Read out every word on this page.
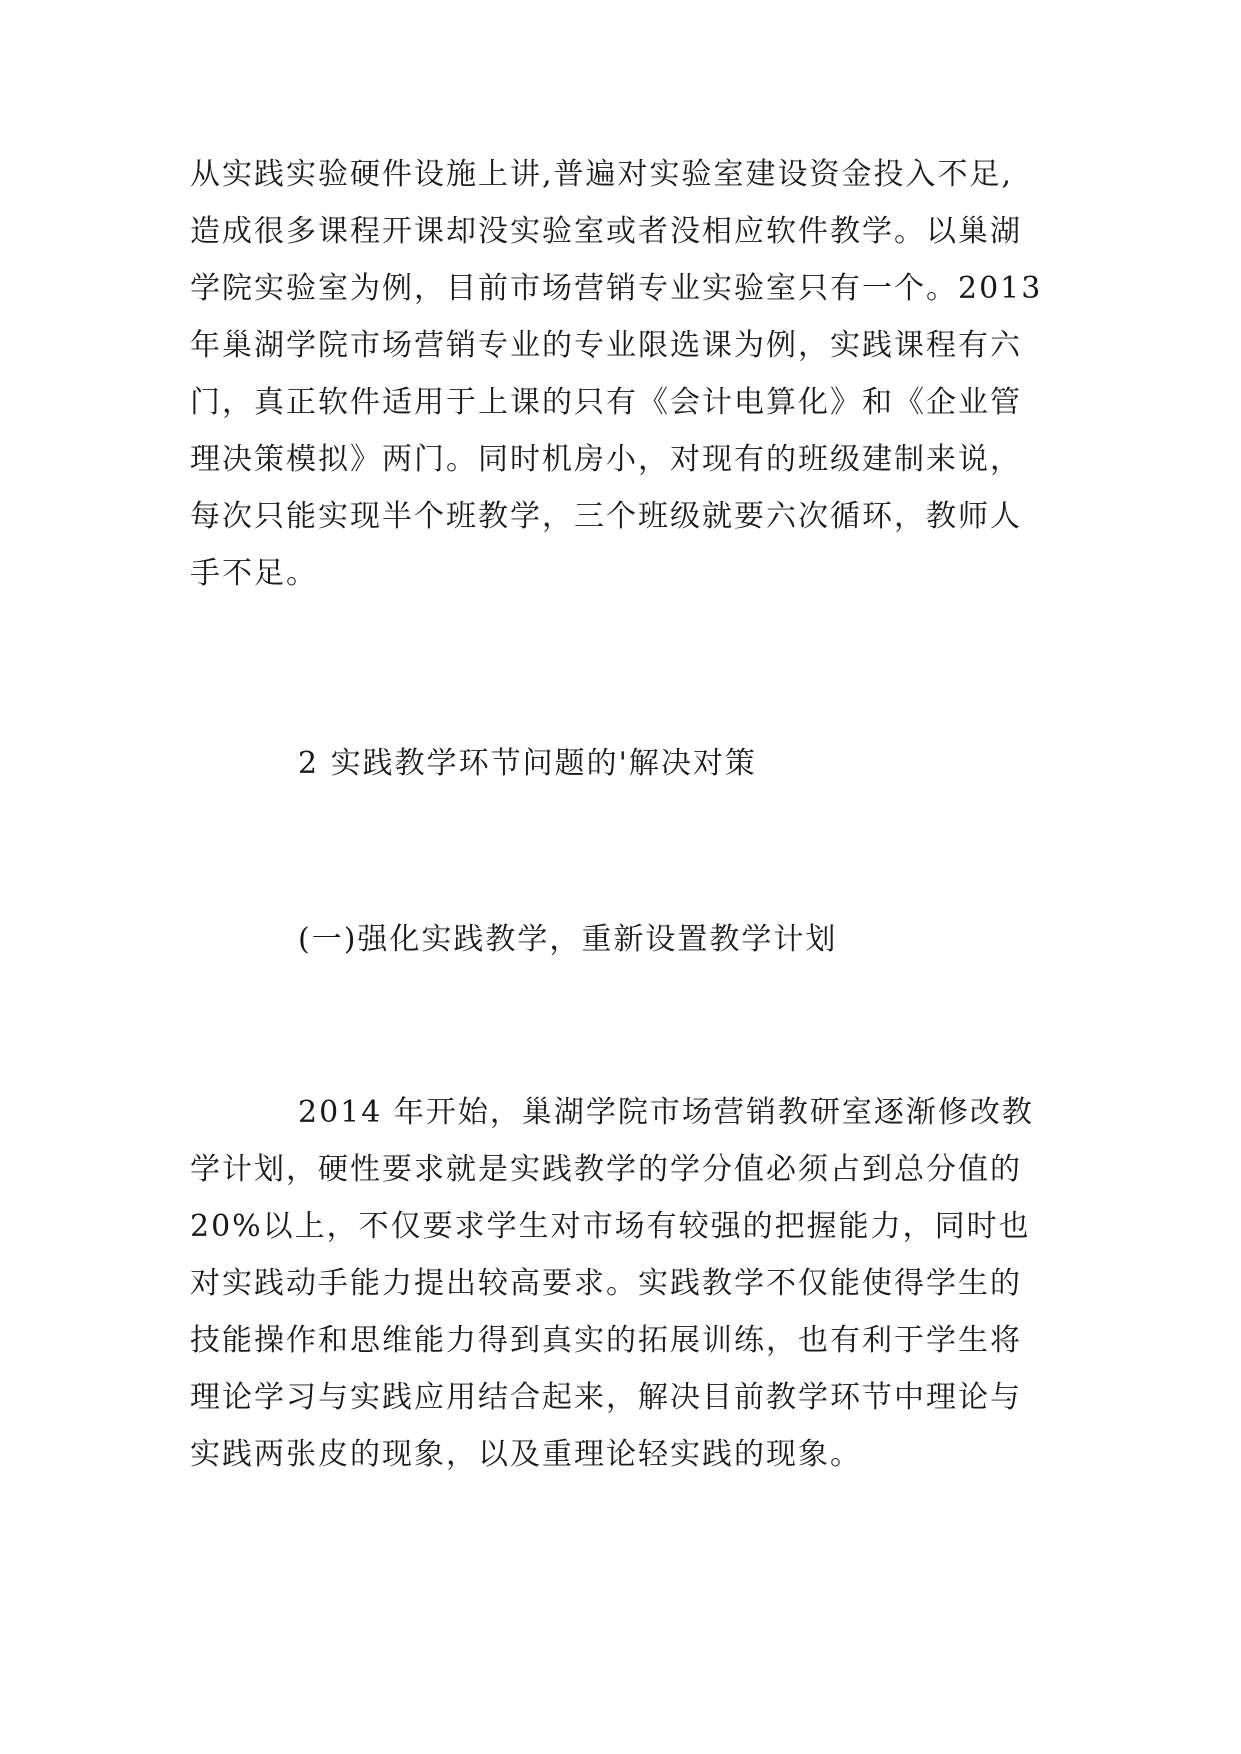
从实践实验硬件设施上讲,普遍对实验室建设资金投入不足,
造成很多课程开课却没实验室或者没相应软件教学。以巢湖
学院实验室为例，目前市场营销专业实验室只有一个。2013
年巢湖学院市场营销专业的专业限选课为例，实践课程有六
门，真正软件适用于上课的只有《会计电算化》和《企业管
理决策模拟》两门。同时机房小，对现有的班级建制来说，
每次只能实现半个班教学，三个班级就要六次循环，教师人
手不足。
2 实践教学环节问题的'解决对策
(一)强化实践教学，重新设置教学计划
2014 年开始，巢湖学院市场营销教研室逐渐修改教
学计划，硬性要求就是实践教学的学分值必须占到总分值的
20%以上，不仅要求学生对市场有较强的把握能力，同时也
对实践动手能力提出较高要求。实践教学不仅能使得学生的
技能操作和思维能力得到真实的拓展训练，也有利于学生将
理论学习与实践应用结合起来，解决目前教学环节中理论与
实践两张皮的现象，以及重理论轻实践的现象。
